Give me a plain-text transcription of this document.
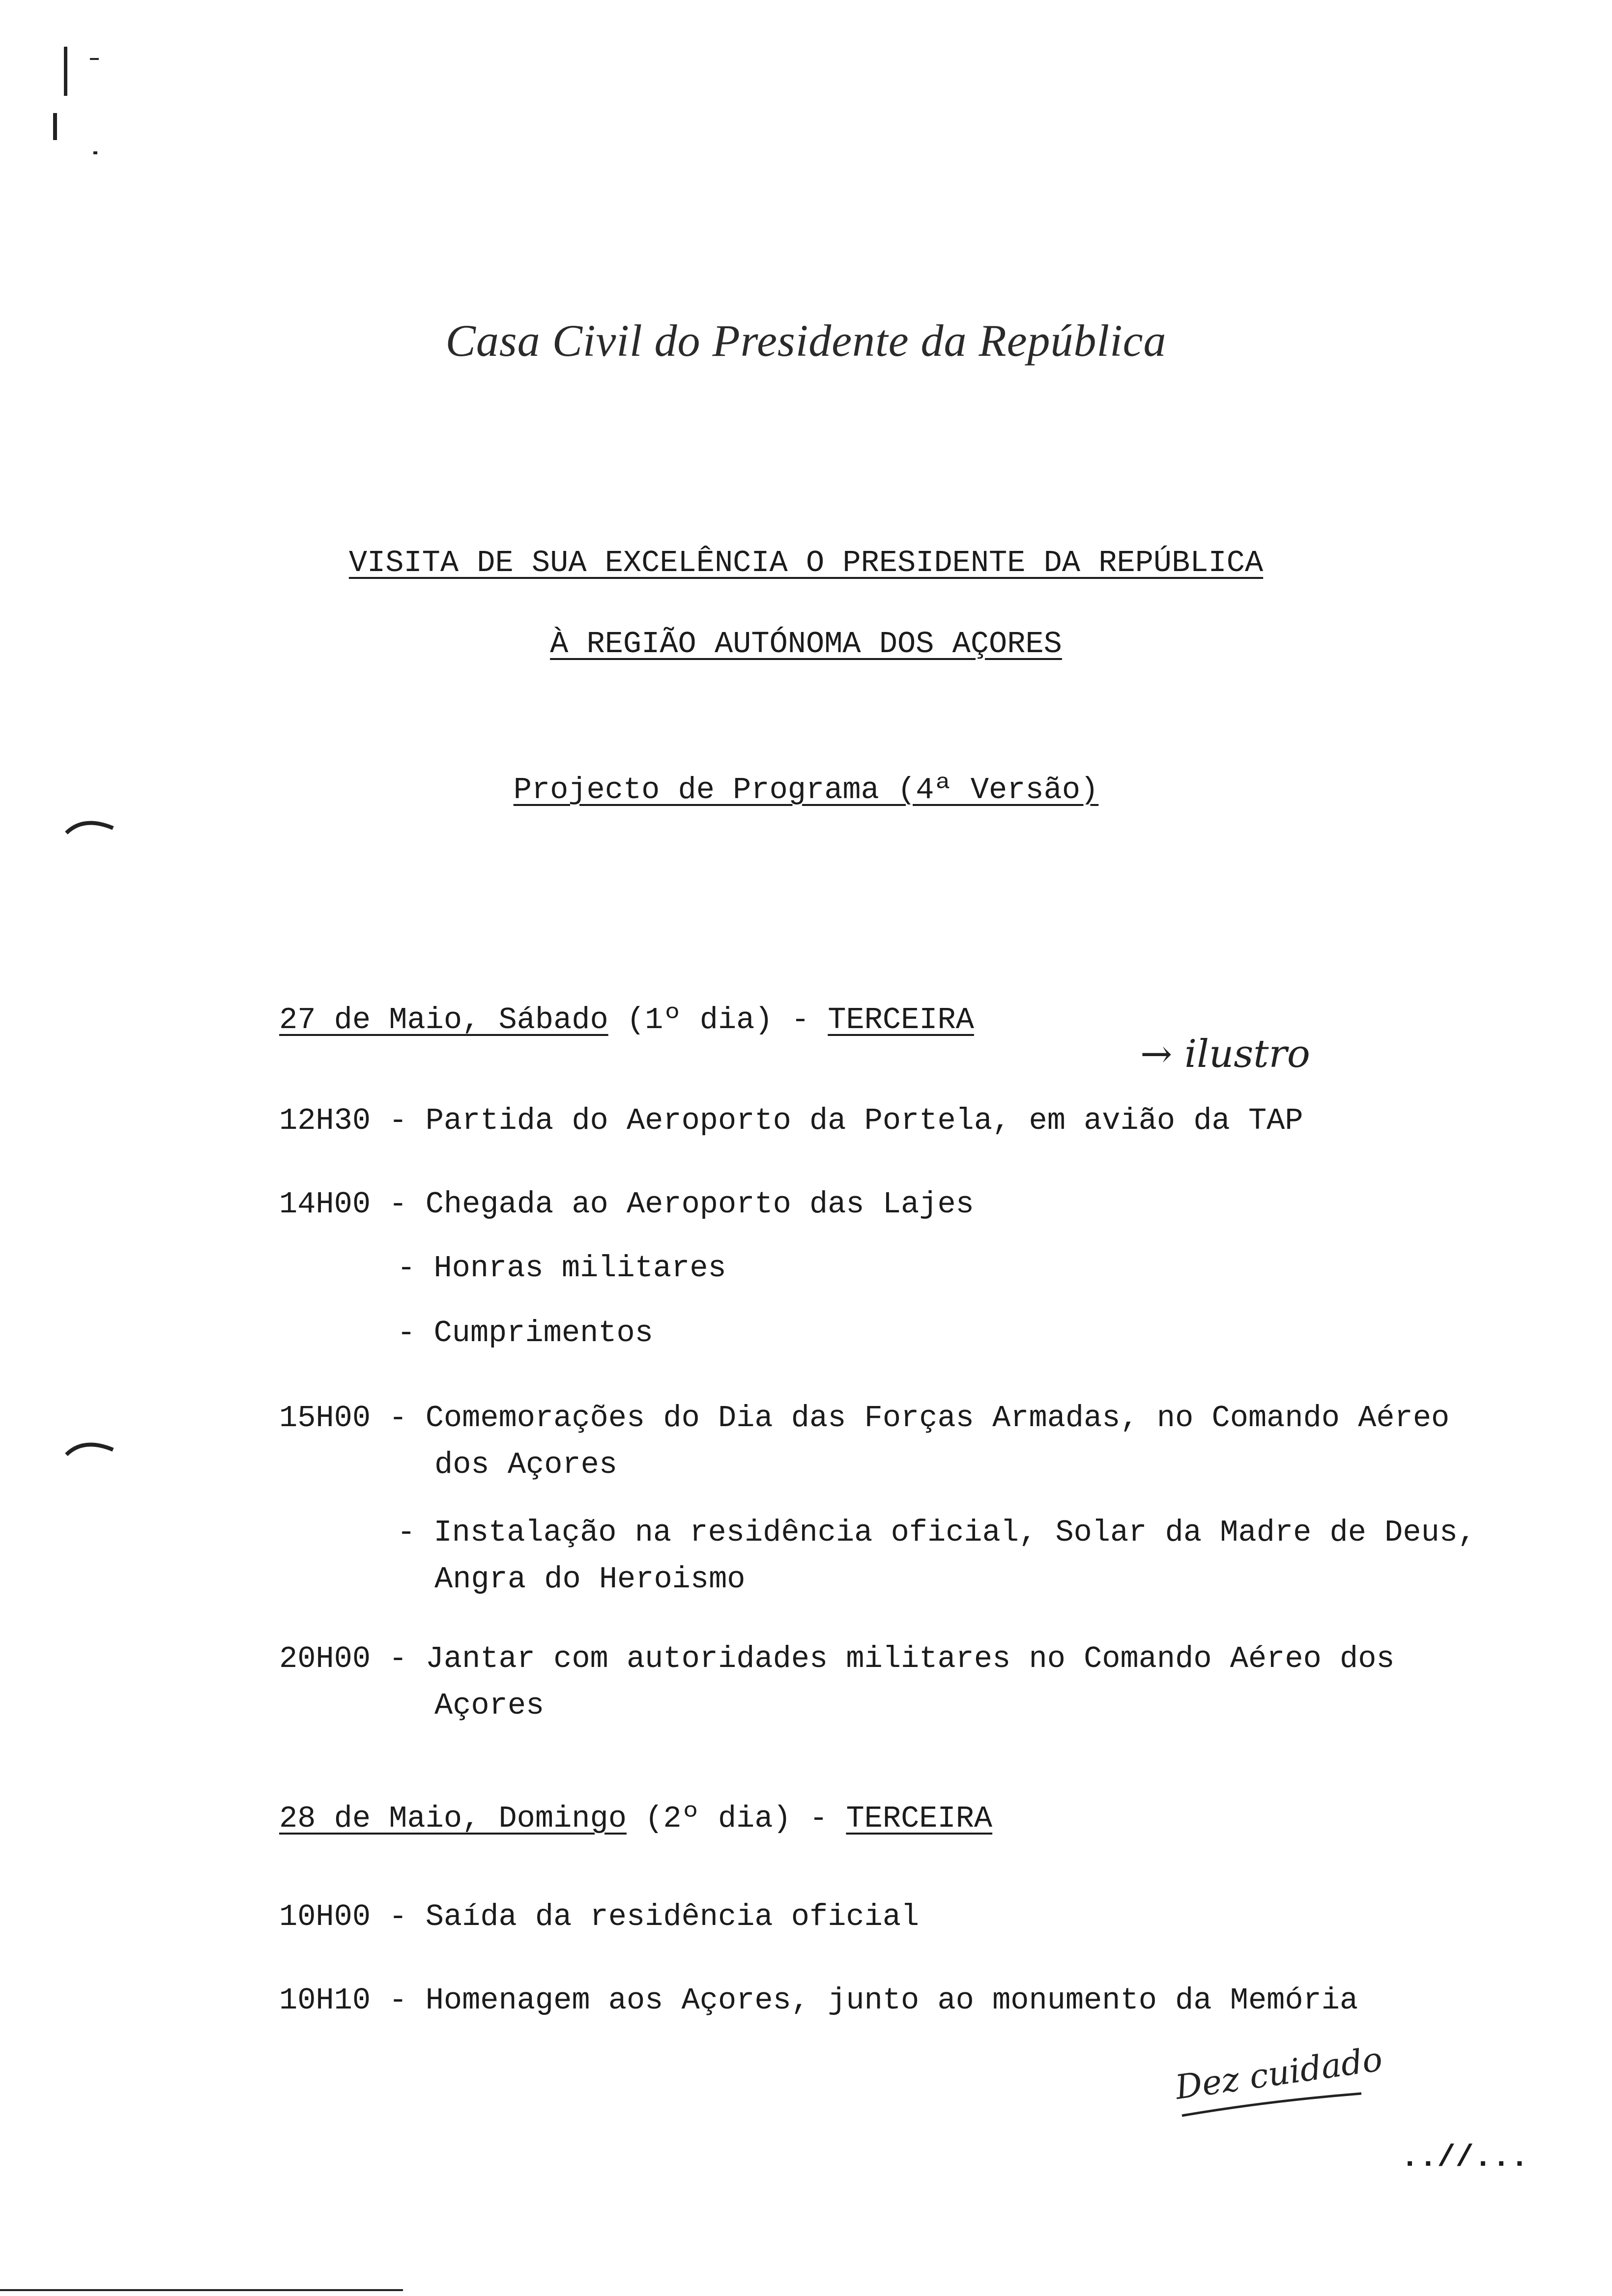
Casa Civil do Presidente da República
VISITA DE SUA EXCELÊNCIA O PRESIDENTE DA REPÚBLICA
À REGIÃO AUTÓNOMA DOS AÇORES
Projecto de Programa (4ª Versão)
27 de Maio, Sábado (1º dia) - TERCEIRA
→ ilustro
12H30 - Partida do Aeroporto da Portela, em avião da TAP
14H00 - Chegada ao Aeroporto das Lajes
- Honras militares
- Cumprimentos
15H00 - Comemorações do Dia das Forças Armadas, no Comando Aéreo
dos Açores
- Instalação na residência oficial, Solar da Madre de Deus,
Angra do Heroismo
20H00 - Jantar com autoridades militares no Comando Aéreo dos
Açores
28 de Maio, Domingo (2º dia) - TERCEIRA
10H00 - Saída da residência oficial
10H10 - Homenagem aos Açores, junto ao monumento da Memória
Dez cuidado
..//...
